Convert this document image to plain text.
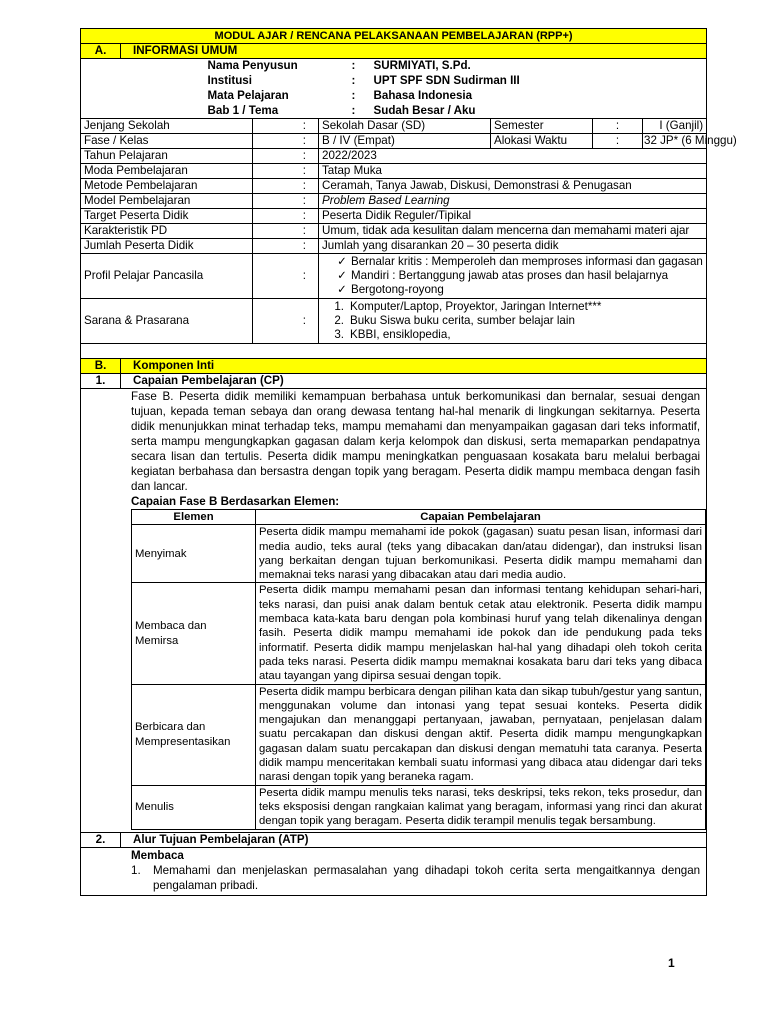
MODUL AJAR / RENCANA PELAKSANAAN PEMBELAJARAN (RPP+)
A.	INFORMASI UMUM
	Nama Penyusun	: SURMIYATI, S.Pd.
	Institusi	: UPT SPF SDN Sudirman III
	Mata Pelajaran	: Bahasa Indonesia
	Bab 1 / Tema	: Sudah Besar / Aku
Jenjang Sekolah	:	Sekolah Dasar (SD)	Semester	:	I (Ganjil)
Fase / Kelas	:	B / IV (Empat)	Alokasi Waktu	:	32 JP* (6 Minggu)
Tahun Pelajaran	:	2022/2023
Moda Pembelajaran	:	Tatap Muka
Metode Pembelajaran	:	Ceramah, Tanya Jawab, Diskusi, Demonstrasi & Penugasan
Model Pembelajaran	:	Problem Based Learning
Target Peserta Didik	:	Peserta Didik Reguler/Tipikal
Karakteristik PD	:	Umum, tidak ada kesulitan dalam mencerna dan memahami materi ajar
Jumlah Peserta Didik	:	Jumlah yang disarankan 20 – 30 peserta didik
Profil Pelajar Pancasila	:	
✓ Bernalar kritis : Memperoleh dan memproses informasi dan gagasan
✓ Mandiri : Bertanggung jawab atas proses dan hasil belajarnya
✓ Bergotong-royong

Sarana & Prasarana	:	
1. Komputer/Laptop, Proyektor, Jaringan Internet***
2. Buku Siswa buku cerita, sumber belajar lain
3. KBBI, ensiklopedia,

B.	Komponen Inti
1.	Capaian Pembelajaran (CP)

Fase B. Peserta didik memiliki kemampuan berbahasa untuk berkomunikasi dan bernalar, sesuai dengan tujuan, kepada teman sebaya dan orang dewasa tentang hal-hal menarik di lingkungan sekitarnya. Peserta didik menunjukkan minat terhadap teks, mampu memahami dan menyampaikan gagasan dari teks informatif, serta mampu mengungkapkan gagasan dalam kerja kelompok dan diskusi, serta memaparkan pendapatnya secara lisan dan tertulis. Peserta didik mampu meningkatkan penguasaan kosakata baru melalui berbagai kegiatan berbahasa dan bersastra dengan topik yang beragam. Peserta didik mampu membaca dengan fasih dan lancar.
Capaian Fase B Berdasarkan Elemen:
Elemen	Capaian Pembelajaran
Menyimak	Peserta didik mampu memahami ide pokok (gagasan) suatu pesan lisan, informasi dari media audio, teks aural (teks yang dibacakan dan/atau didengar), dan instruksi lisan yang berkaitan dengan tujuan berkomunikasi. Peserta didik mampu memahami dan memaknai teks narasi yang dibacakan atau dari media audio.
Membaca dan Memirsa	Peserta didik mampu memahami pesan dan informasi tentang kehidupan sehari-hari, teks narasi, dan puisi anak dalam bentuk cetak atau elektronik. Peserta didik mampu membaca kata-kata baru dengan pola kombinasi huruf yang telah dikenalinya dengan fasih. Peserta didik mampu memahami ide pokok dan ide pendukung pada teks informatif. Peserta didik mampu menjelaskan hal-hal yang dihadapi oleh tokoh cerita pada teks narasi. Peserta didik mampu memaknai kosakata baru dari teks yang dibaca atau tayangan yang dipirsa sesuai dengan topik.
Berbicara dan Mempresentasikan	Peserta didik mampu berbicara dengan pilihan kata dan sikap tubuh/gestur yang santun, menggunakan volume dan intonasi yang tepat sesuai konteks. Peserta didik mengajukan dan menanggapi pertanyaan, jawaban, pernyataan, penjelasan dalam suatu percakapan dan diskusi dengan aktif. Peserta didik mampu mengungkapkan gagasan dalam suatu percakapan dan diskusi dengan mematuhi tata caranya. Peserta didik mampu menceritakan kembali suatu informasi yang dibaca atau didengar dari teks narasi dengan topik yang beraneka ragam.
Menulis	Peserta didik mampu menulis teks narasi, teks deskripsi, teks rekon, teks prosedur, dan teks eksposisi dengan rangkaian kalimat yang beragam, informasi yang rinci dan akurat dengan topik yang beragam. Peserta didik terampil menulis tegak bersambung.

2.	Alur Tujuan Pembelajaran (ATP)

Membaca
1.	Memahami dan menjelaskan permasalahan yang dihadapi tokoh cerita serta mengaitkannya dengan pengalaman pribadi.
1
